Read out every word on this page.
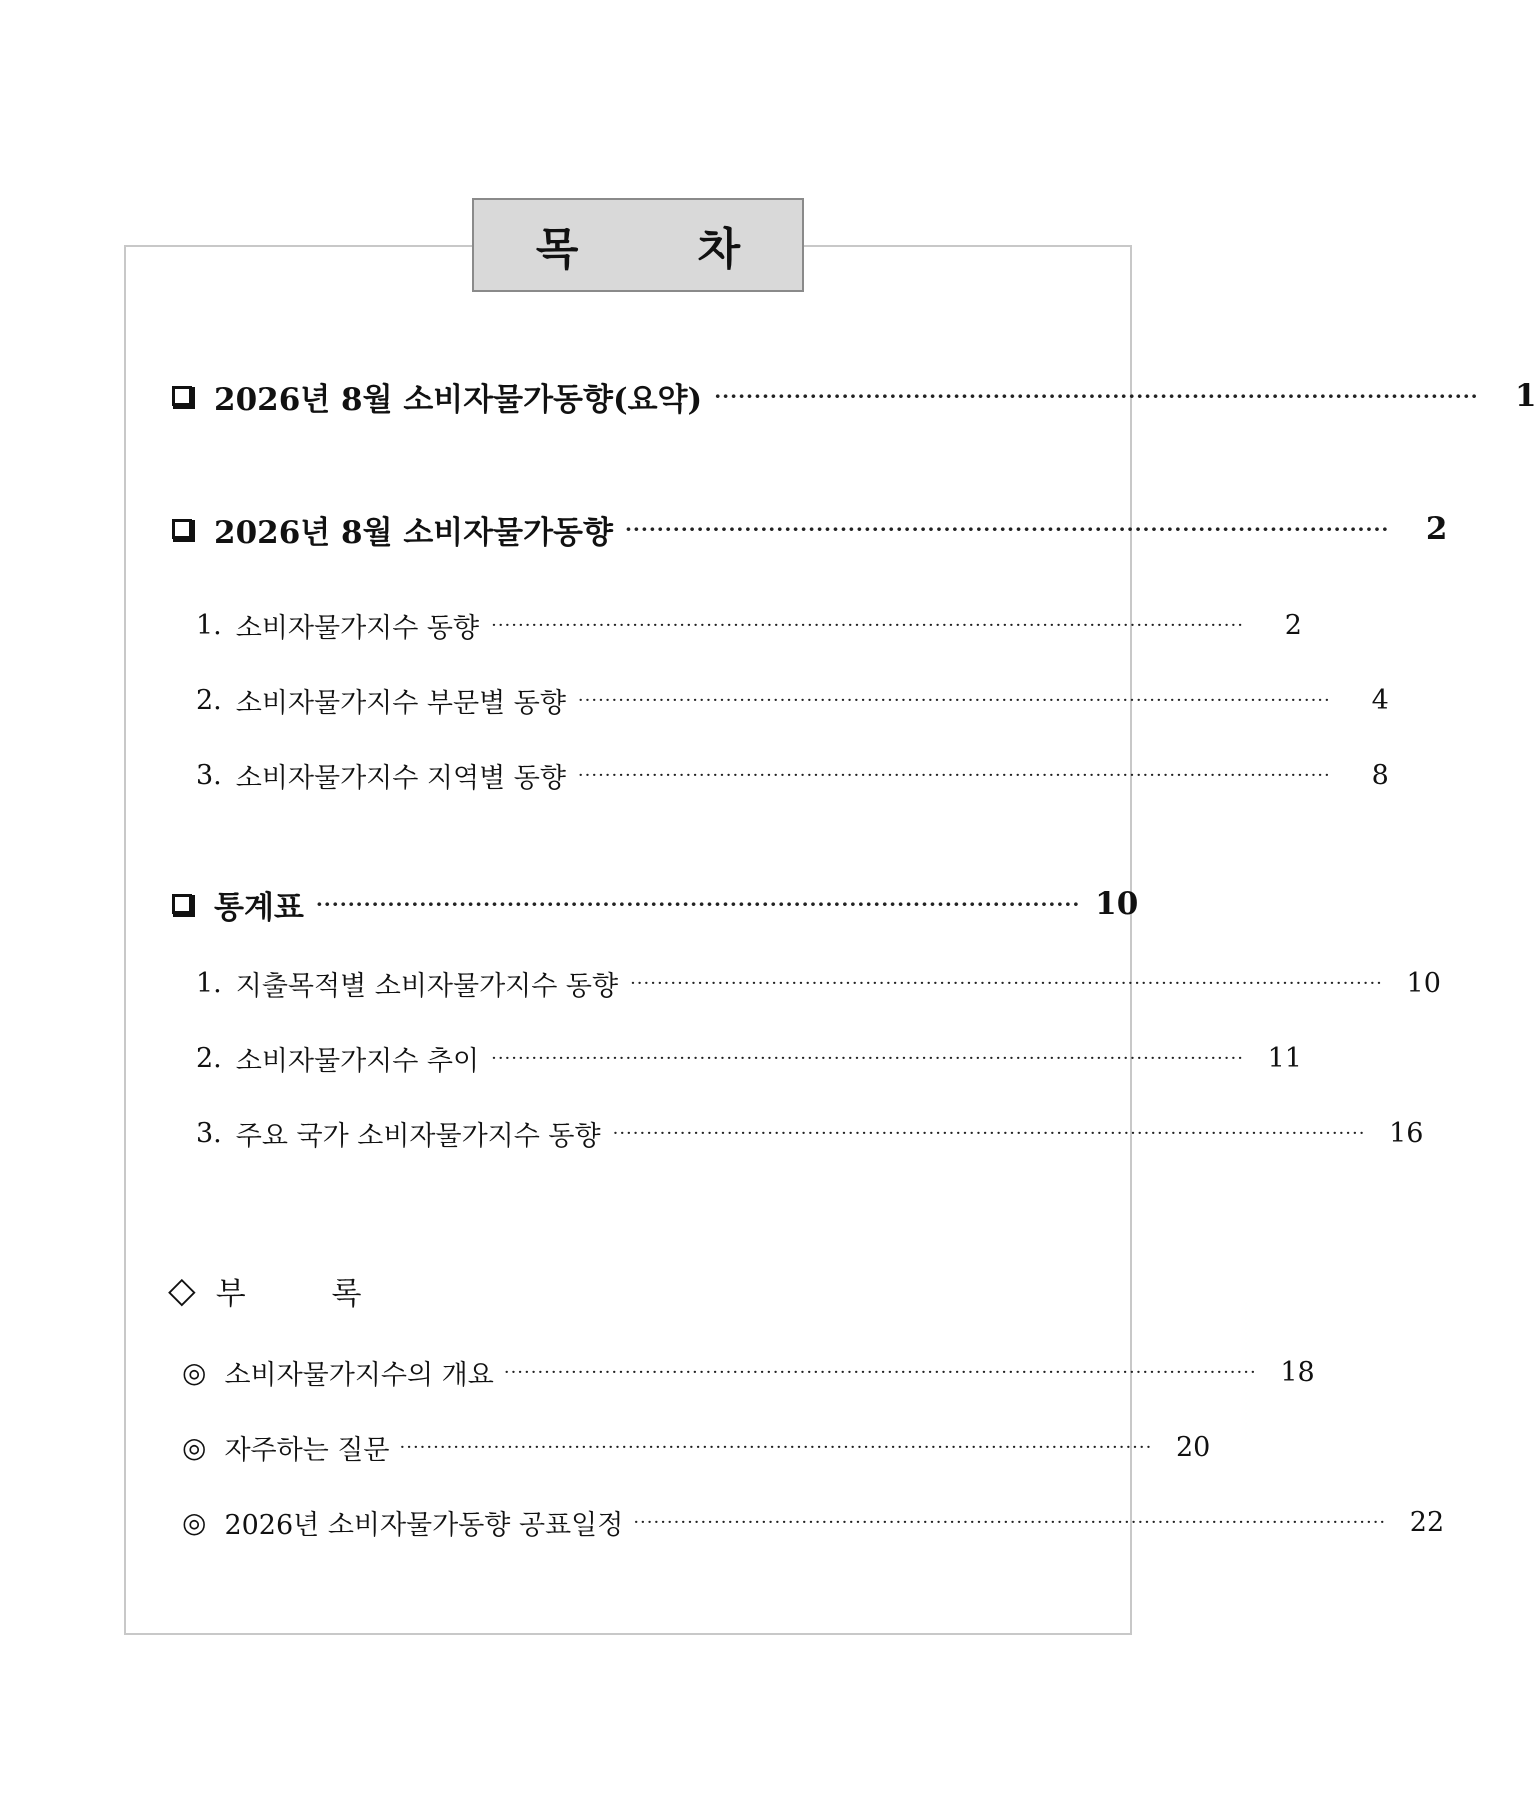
목 차
2026년 8월 소비자물가동향(요약) ································································································	1
2026년 8월 소비자물가동향 ································································································	2
1. 소비자물가지수 동향 ················································································································	2
2. 소비자물가지수 부문별 동향 ················································································································	4
3. 소비자물가지수 지역별 동향 ················································································································	8
통계표 ································································································ 10
1. 지출목적별 소비자물가지수 동향 ················································································································ 10
2. 소비자물가지수 추이 ················································································································ 11
3. 주요 국가 소비자물가지수 동향 ················································································································ 16
◇ 부 록
◎ 소비자물가지수의 개요 ················································································································ 18
◎ 자주하는 질문 ················································································································ 20
◎ 2026년 소비자물가동향 공표일정 ················································································································ 22
